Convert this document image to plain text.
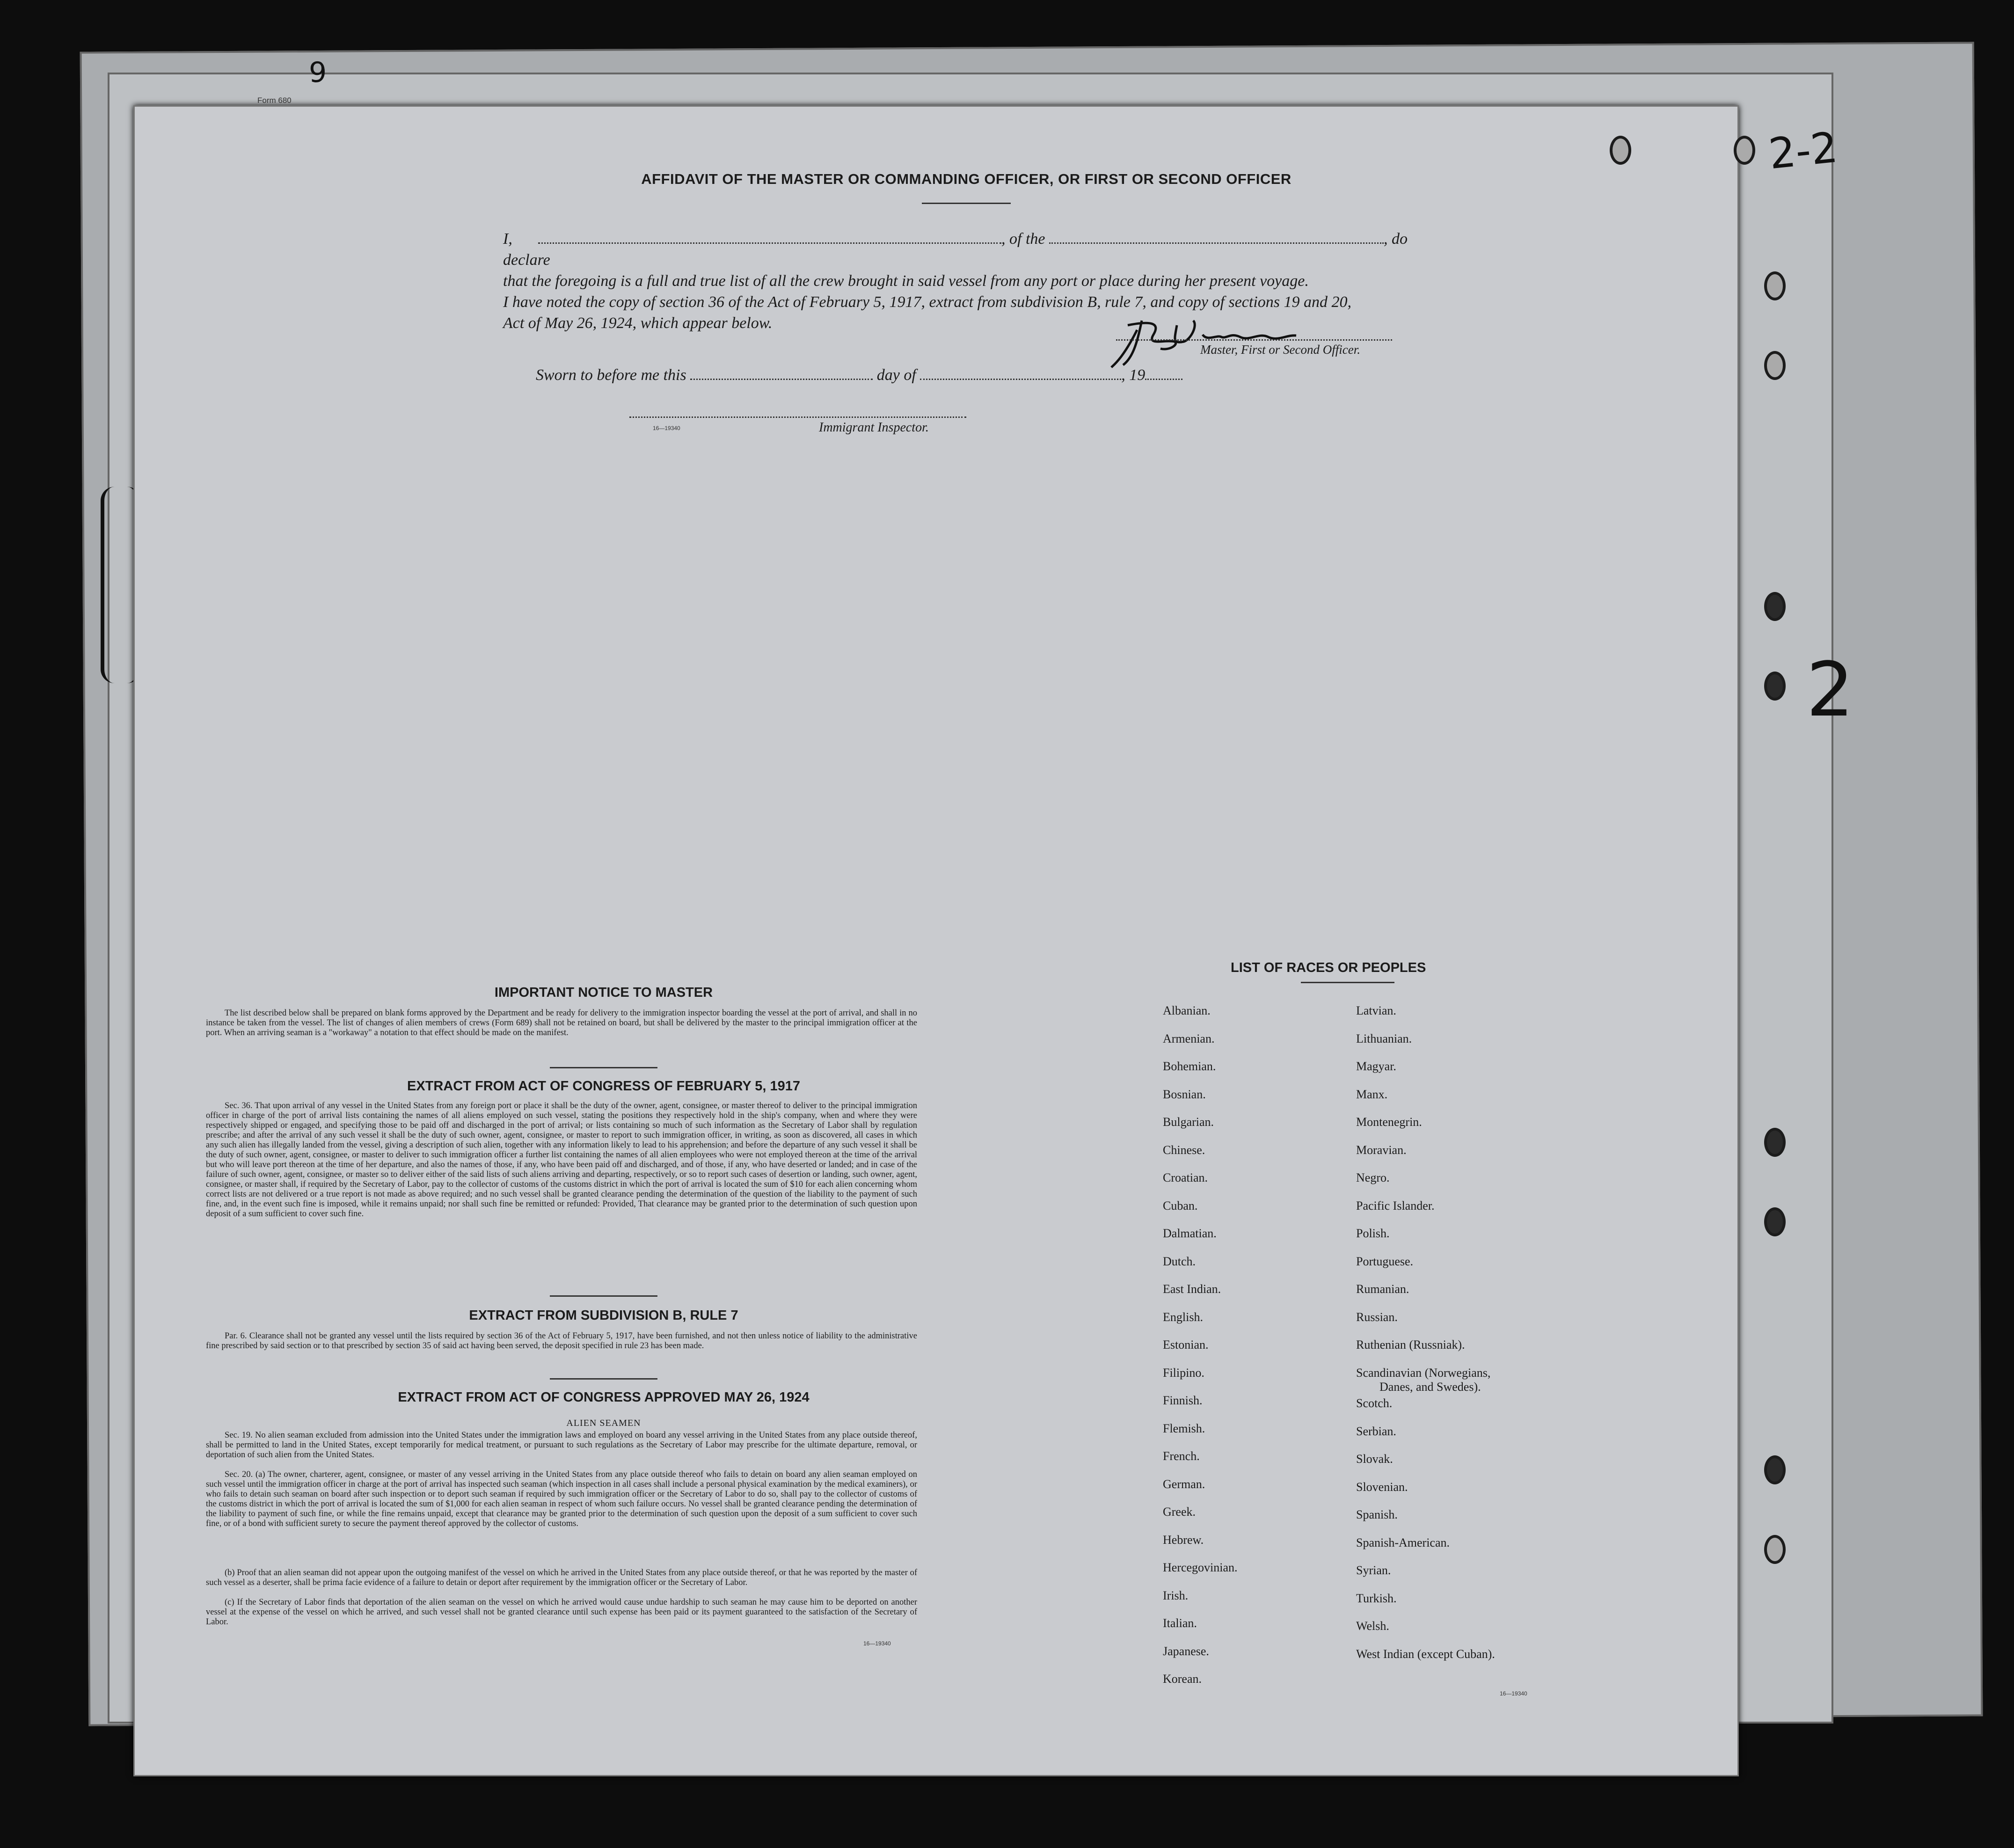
2-2
2
9
Form 680
AFFIDAVIT OF THE MASTER OR COMMANDING OFFICER, OR FIRST OR SECOND OFFICER
I,	, of the	, do declare
that the foregoing is a full and true list of all the crew brought in said vessel from any port or place during her present voyage.
I have noted the copy of section 36 of the Act of February 5, 1917, extract from subdivision B, rule 7, and copy of sections 19 and 20,
Act of May 26, 1924, which appear below.
Master, First or Second Officer.
Sworn to before me this	day of	, 19
16—19340	Immigrant Inspector.
IMPORTANT NOTICE TO MASTER
The list described below shall be prepared on blank forms approved by the Department and be ready for delivery to the immigration inspector boarding the vessel at the port of arrival, and shall in no instance be taken from the vessel. The list of changes of alien members of crews (Form 689) shall not be retained on board, but shall be delivered by the master to the principal immigration officer at the port. When an arriving seaman is a "workaway" a notation to that effect should be made on the manifest.
EXTRACT FROM ACT OF CONGRESS OF FEBRUARY 5, 1917
Sec. 36. That upon arrival of any vessel in the United States from any foreign port or place it shall be the duty of the owner, agent, consignee, or master thereof to deliver to the principal immigration officer in charge of the port of arrival lists containing the names of all aliens employed on such vessel, stating the positions they respectively hold in the ship's company, when and where they were respectively shipped or engaged, and specifying those to be paid off and discharged in the port of arrival; or lists containing so much of such information as the Secretary of Labor shall by regulation prescribe; and after the arrival of any such vessel it shall be the duty of such owner, agent, consignee, or master to report to such immigration officer, in writing, as soon as discovered, all cases in which any such alien has illegally landed from the vessel, giving a description of such alien, together with any information likely to lead to his apprehension; and before the departure of any such vessel it shall be the duty of such owner, agent, consignee, or master to deliver to such immigration officer a further list containing the names of all alien employees who were not employed thereon at the time of the arrival but who will leave port thereon at the time of her departure, and also the names of those, if any, who have been paid off and discharged, and of those, if any, who have deserted or landed; and in case of the failure of such owner, agent, consignee, or master so to deliver either of the said lists of such aliens arriving and departing, respectively, or so to report such cases of desertion or landing, such owner, agent, consignee, or master shall, if required by the Secretary of Labor, pay to the collector of customs of the customs district in which the port of arrival is located the sum of $10 for each alien concerning whom correct lists are not delivered or a true report is not made as above required; and no such vessel shall be granted clearance pending the determination of the question of the liability to the payment of such fine, and, in the event such fine is imposed, while it remains unpaid; nor shall such fine be remitted or refunded: Provided, That clearance may be granted prior to the determination of such question upon deposit of a sum sufficient to cover such fine.
EXTRACT FROM SUBDIVISION B, RULE 7
Par. 6. Clearance shall not be granted any vessel until the lists required by section 36 of the Act of February 5, 1917, have been furnished, and not then unless notice of liability to the administrative fine prescribed by said section or to that prescribed by section 35 of said act having been served, the deposit specified in rule 23 has been made.
EXTRACT FROM ACT OF CONGRESS APPROVED MAY 26, 1924
ALIEN SEAMEN
Sec. 19. No alien seaman excluded from admission into the United States under the immigration laws and employed on board any vessel arriving in the United States from any place outside thereof, shall be permitted to land in the United States, except temporarily for medical treatment, or pursuant to such regulations as the Secretary of Labor may prescribe for the ultimate departure, removal, or deportation of such alien from the United States.
Sec. 20. (a) The owner, charterer, agent, consignee, or master of any vessel arriving in the United States from any place outside thereof who fails to detain on board any alien seaman employed on such vessel until the immigration officer in charge at the port of arrival has inspected such seaman (which inspection in all cases shall include a personal physical examination by the medical examiners), or who fails to detain such seaman on board after such inspection or to deport such seaman if required by such immigration officer or the Secretary of Labor to do so, shall pay to the collector of customs of the customs district in which the port of arrival is located the sum of $1,000 for each alien seaman in respect of whom such failure occurs. No vessel shall be granted clearance pending the determination of the liability to payment of such fine, or while the fine remains unpaid, except that clearance may be granted prior to the determination of such question upon the deposit of a sum sufficient to cover such fine, or of a bond with sufficient surety to secure the payment thereof approved by the collector of customs.
(b) Proof that an alien seaman did not appear upon the outgoing manifest of the vessel on which he arrived in the United States from any place outside thereof, or that he was reported by the master of such vessel as a deserter, shall be prima facie evidence of a failure to detain or deport after requirement by the immigration officer or the Secretary of Labor.
(c) If the Secretary of Labor finds that deportation of the alien seaman on the vessel on which he arrived would cause undue hardship to such seaman he may cause him to be deported on another vessel at the expense of the vessel on which he arrived, and such vessel shall not be granted clearance until such expense has been paid or its payment guaranteed to the satisfaction of the Secretary of Labor.
16—19340
LIST OF RACES OR PEOPLES
Albanian.
Armenian.
Bohemian.
Bosnian.
Bulgarian.
Chinese.
Croatian.
Cuban.
Dalmatian.
Dutch.
East Indian.
English.
Estonian.
Filipino.
Finnish.
Flemish.
French.
German.
Greek.
Hebrew.
Hercegovinian.
Irish.
Italian.
Japanese.
Korean.
Latvian.
Lithuanian.
Magyar.
Manx.
Montenegrin.
Moravian.
Negro.
Pacific Islander.
Polish.
Portuguese.
Rumanian.
Russian.
Ruthenian (Russniak).
Scandinavian (Norwegians,
Danes, and Swedes).
Scotch.
Serbian.
Slovak.
Slovenian.
Spanish.
Spanish-American.
Syrian.
Turkish.
Welsh.
West Indian (except Cuban).
16—19340
